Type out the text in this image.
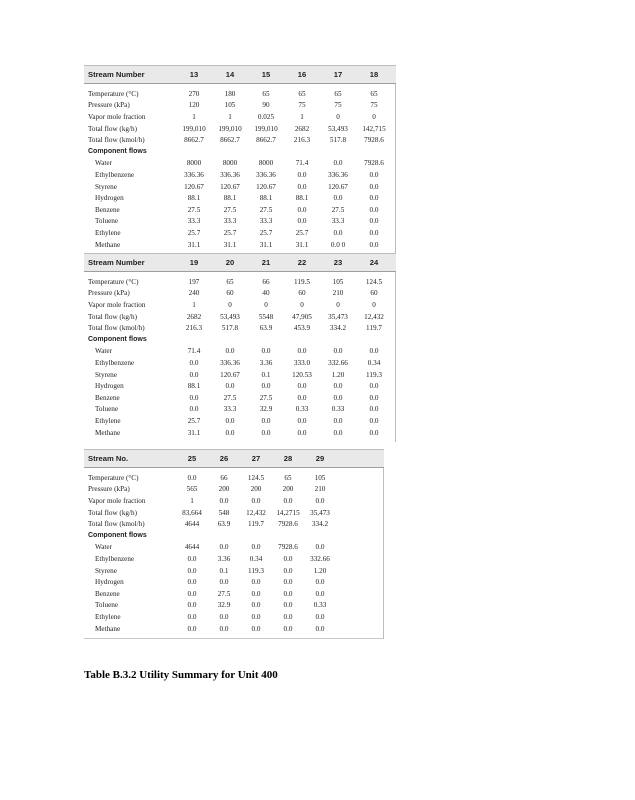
Stream Number	13	14	15	16	17	18
Temperature (°C)	270	180	65	65	65	65
Pressure (kPa)	120	105	90	75	75	75
Vapor mole fraction	1	1	0.025	1	0	0
Total flow (kg/h)	199,010	199,010	199,010	2682	53,493	142,715
Total flow (kmol/h)	8662.7	8662.7	8662.7	216.3	517.8	7928.6
Component flows
Water	8000	8000	8000	71.4	0.0	7928.6
Ethylbenzene	336.36	336.36	336.36	0.0	336.36	0.0
Styrene	120.67	120.67	120.67	0.0	120.67	0.0
Hydrogen	88.1	88.1	88.1	88.1	0.0	0.0
Benzene	27.5	27.5	27.5	0.0	27.5	0.0
Toluene	33.3	33.3	33.3	0.0	33.3	0.0
Ethylene	25.7	25.7	25.7	25.7	0.0	0.0
Methane	31.1	31.1	31.1	31.1	0.0 0	0.0
Stream Number	19	20	21	22	23	24
Temperature (°C)	197	65	66	119.5	105	124.5
Pressure (kPa)	240	60	40	60	210	60
Vapor mole fraction	1	0	0	0	0	0
Total flow (kg/h)	2682	53,493	5548	47,905	35,473	12,432
Total flow (kmol/h)	216.3	517.8	63.9	453.9	334.2	119.7
Component flows
Water	71.4	0.0	0.0	0.0	0.0	0.0
Ethylbenzene	0.0	336.36	3.36	333.0	332.66	0.34
Styrene	0.0	120.67	0.1	120.53	1.20	119.3
Hydrogen	88.1	0.0	0.0	0.0	0.0	0.0
Benzene	0.0	27.5	27.5	0.0	0.0	0.0
Toluene	0.0	33.3	32.9	0.33	0.33	0.0
Ethylene	25.7	0.0	0.0	0.0	0.0	0.0
Methane	31.1	0.0	0.0	0.0	0.0	0.0
Stream No.	25	26	27	28	29
Temperature (°C)	0.0	66	124.5	65	105
Pressure (kPa)	565	200	200	200	210
Vapor mole fraction	1	0.0	0.0	0.0	0.0
Total flow (kg/h)	83,664	548	12,432	14,2715	35,473
Total flow (kmol/h)	4644	63.9	119.7	7928.6	334.2
Component flows
Water	4644	0.0	0.0	7928.6	0.0
Ethylbenzene	0.0	3.36	0.34	0.0	332.66
Styrene	0.0	0.1	119.3	0.0	1.20
Hydrogen	0.0	0.0	0.0	0.0	0.0
Benzene	0.0	27.5	0.0	0.0	0.0
Toluene	0.0	32.9	0.0	0.0	0.33
Ethylene	0.0	0.0	0.0	0.0	0.0
Methane	0.0	0.0	0.0	0.0	0.0
Table B.3.2 Utility Summary for Unit 400
